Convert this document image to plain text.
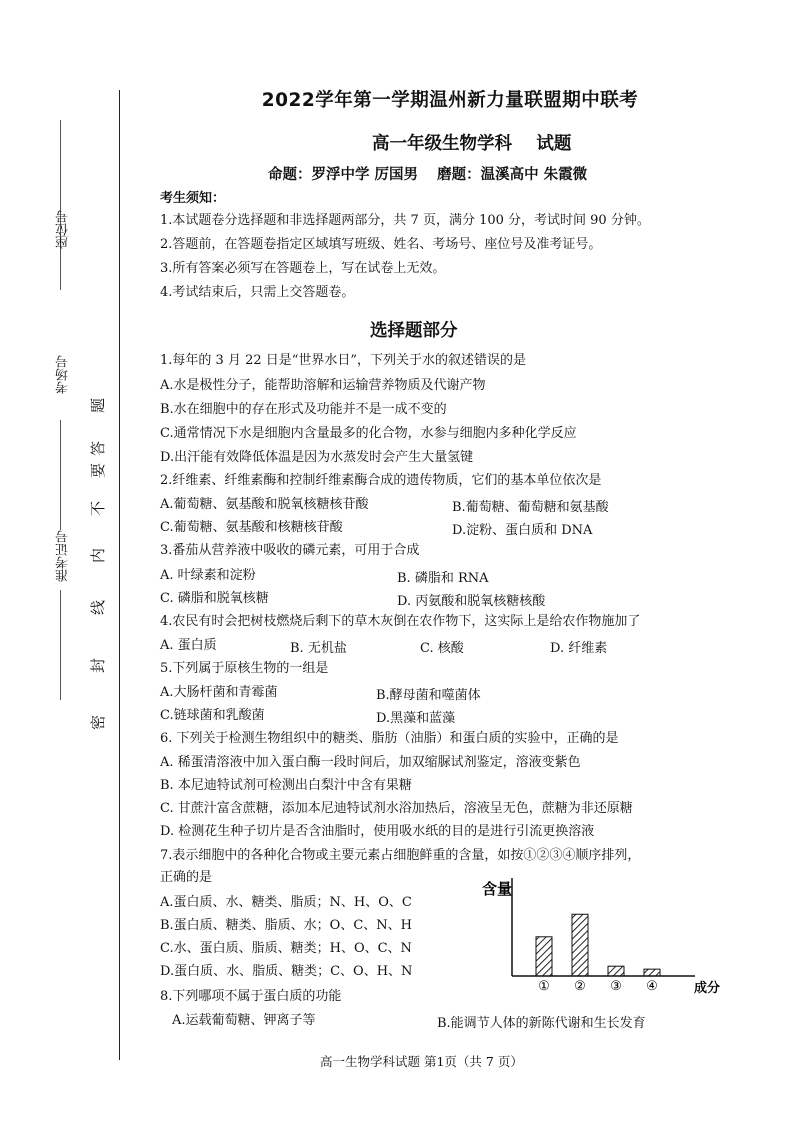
座位号
考场号
准考证号
密
封
线
内
不
要
答
题
2022学年第一学期温州新力量联盟期中联考
高一年级生物学科    试题
命题：罗浮中学 厉国男 磨题：温溪高中 朱霞微
考生须知：
1.本试题卷分选择题和非选择题两部分，共 7 页，满分 100 分，考试时间 90 分钟。
2.答题前，在答题卷指定区域填写班级、姓名、考场号、座位号及准考证号。
3.所有答案必须写在答题卷上，写在试卷上无效。
4.考试结束后，只需上交答题卷。
选择题部分
1.每年的 3 月 22 日是“世界水日”，下列关于水的叙述错误的是
A.水是极性分子，能帮助溶解和运输营养物质及代谢产物
B.水在细胞中的存在形式及功能并不是一成不变的
C.通常情况下水是细胞内含量最多的化合物，水参与细胞内多种化学反应
D.出汗能有效降低体温是因为水蒸发时会产生大量氢键
2.纤维素、纤维素酶和控制纤维素酶合成的遗传物质，它们的基本单位依次是
A.葡萄糖、氨基酸和脱氧核糖核苷酸	B.葡萄糖、葡萄糖和氨基酸
C.葡萄糖、氨基酸和核糖核苷酸	D.淀粉、蛋白质和 DNA
3.番茄从营养液中吸收的磷元素，可用于合成
A. 叶绿素和淀粉	B. 磷脂和 RNA
C. 磷脂和脱氧核糖	D. 丙氨酸和脱氧核糖核酸
4.农民有时会把树枝燃烧后剩下的草木灰倒在农作物下，这实际上是给农作物施加了
A. 蛋白质	B. 无机盐	C. 核酸	D. 纤维素
5.下列属于原核生物的一组是
A.大肠杆菌和青霉菌	B.酵母菌和噬菌体
C.链球菌和乳酸菌	D.黑藻和蓝藻
6. 下列关于检测生物组织中的糖类、脂肪（油脂）和蛋白质的实验中，正确的是
A. 稀蛋清溶液中加入蛋白酶一段时间后，加双缩脲试剂鉴定，溶液变紫色
B. 本尼迪特试剂可检测出白梨汁中含有果糖
C. 甘蔗汁富含蔗糖，添加本尼迪特试剂水浴加热后，溶液呈无色，蔗糖为非还原糖
D. 检测花生种子切片是否含油脂时，使用吸水纸的目的是进行引流更换溶液
7.表示细胞中的各种化合物或主要元素占细胞鲜重的含量，如按①②③④顺序排列，
正确的是
A.蛋白质、水、糖类、脂质；N、H、O、C
B.蛋白质、糖类、脂质、水；O、C、N、H
C.水、蛋白质、脂质、糖类；H、O、C、N
D.蛋白质、水、脂质、糖类；C、O、H、N
含量
成分
① ② ③ ④
8.下列哪项不属于蛋白质的功能
A.运载葡萄糖、钾离子等	B.能调节人体的新陈代谢和生长发育
高一生物学科试题 第1页（共 7 页）
